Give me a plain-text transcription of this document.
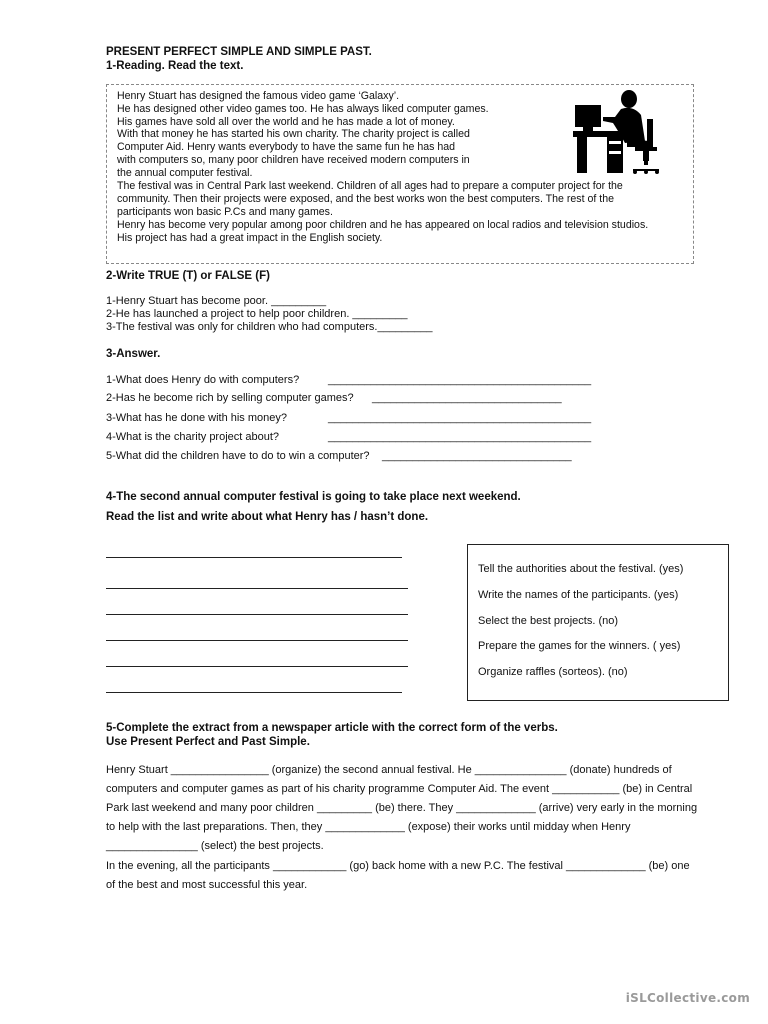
PRESENT PERFECT SIMPLE AND SIMPLE PAST.
1-Reading. Read the text.
Henry Stuart has designed the famous video game ‘Galaxy’.
He has designed other video games too. He has always liked computer games.
His games have sold all over the world and he has made a lot of money.
With that money he has started his own charity. The charity project is called
Computer Aid. Henry wants everybody to have the same fun he has had
with computers so, many poor children have received modern computers in
the annual computer festival.
The festival was in Central Park last weekend. Children of all ages had to prepare a computer project for the
community. Then their projects were exposed, and the best works won the best computers. The rest of the
participants won basic P.Cs and many games.
Henry has become very popular among poor children and he has appeared on local radios and television studios.
His project has had a great impact in the English society.
2-Write TRUE (T) or FALSE (F)
1-Henry Stuart has become poor. _________
2-He has launched a project to help poor children. _________
3-The festival was only for children who had computers._________
3-Answer.
1-What does Henry do with computers?	___________________________________________
2-Has he become rich by selling computer games? _______________________________
3-What has he done with his money?	___________________________________________
4-What is the charity project about?	___________________________________________
5-What did the children have to do to win a computer? _______________________________
4-The second annual computer festival is going to take place next weekend.
Read the list and write about what Henry has / hasn’t done.
Tell the authorities about the festival. (yes)
Write the names of the participants. (yes)
Select the best projects. (no)
Prepare the games for the winners. ( yes)
Organize raffles (sorteos). (no)
5-Complete the extract from a newspaper article with the correct form of the verbs.
Use Present Perfect and Past Simple.
Henry Stuart ________________ (organize) the second annual festival. He _______________ (donate) hundreds of
computers and computer games as part of his charity programme Computer Aid. The event ___________ (be) in Central
Park last weekend and many poor children _________ (be) there. They _____________ (arrive) very early in the morning
to help with the last preparations. Then, they _____________ (expose) their works until midday when Henry
_______________ (select) the best projects.
In the evening, all the participants ____________ (go) back home with a new P.C. The festival _____________ (be) one
of the best and most successful this year.
iSLCollective.com
